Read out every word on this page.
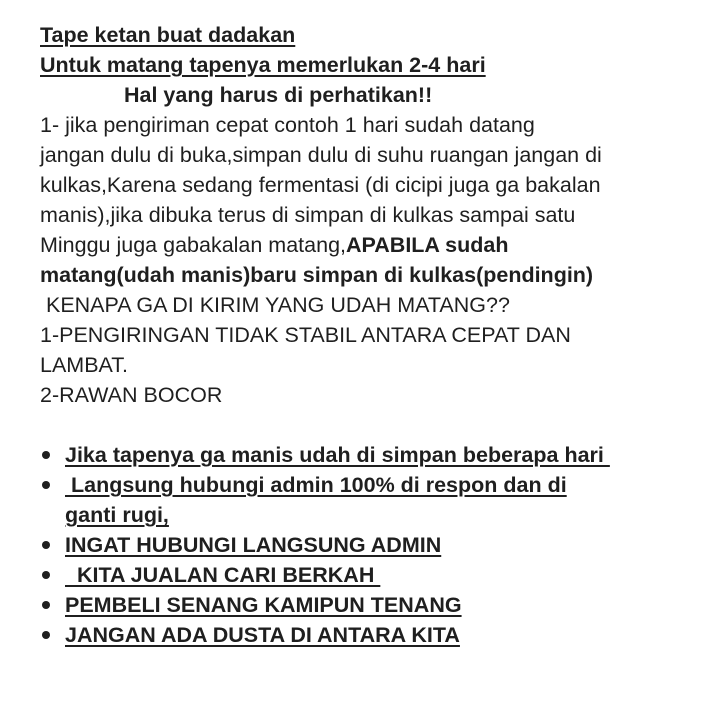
Tape ketan buat dadakan

Untuk matang tapenya memerlukan 2-4 hari

Hal yang harus di perhatikan!!

1- jika pengiriman cepat contoh 1 hari sudah datang

jangan dulu di buka,simpan dulu di suhu ruangan jangan di

kulkas,Karena sedang fermentasi (di cicipi juga ga bakalan

manis),jika dibuka terus di simpan di kulkas sampai satu

Minggu juga gabakalan matang,APABILA sudah

matang(udah manis)baru simpan di kulkas(pendingin)

KENAPA GA DI KIRIM YANG UDAH MATANG??

1-PENGIRINGAN TIDAK STABIL ANTARA CEPAT DAN

LAMBAT.

2-RAWAN BOCOR

Jika tapenya ga manis udah di simpan beberapa hari
Langsung hubungi admin 100% di respon dan di
ganti rugi,
INGAT HUBUNGI LANGSUNG ADMIN
KITA JUALAN CARI BERKAH
PEMBELI SENANG KAMIPUN TENANG
JANGAN ADA DUSTA DI ANTARA KITA
